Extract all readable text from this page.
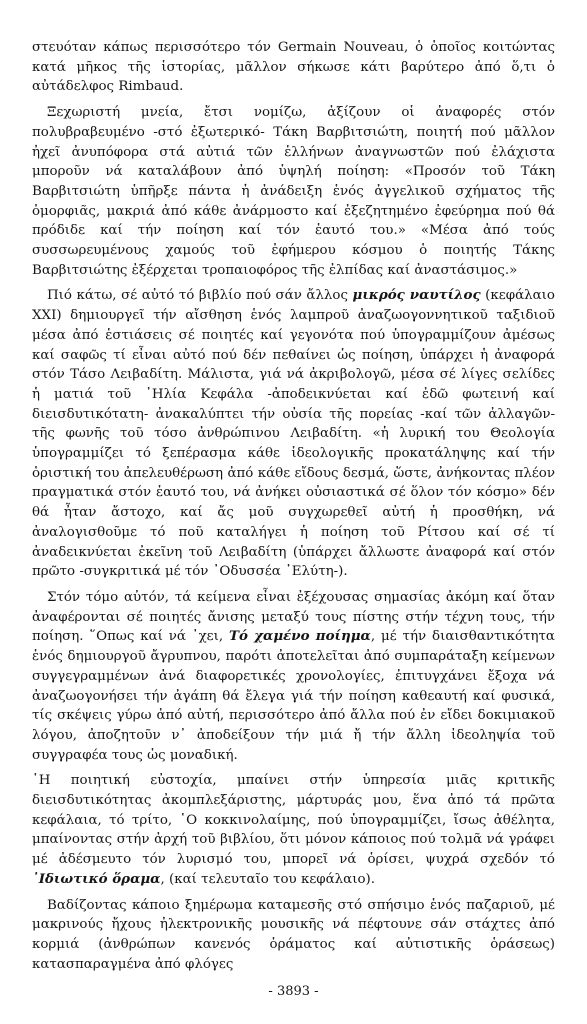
στευόταν κάπως περισσότερο τόν Germain Nouveau, ὁ ὁποῖος κοιτώντας κατά μῆκος τῆς ἱστορίας, μᾶλλον σήκωσε κάτι βαρύτερο ἀπό ὅ,τι ὁ αὐτάδελφος Rimbaud.

Ξεχωριστή μνεία, ἔτσι νομίζω, ἀξίζουν οἱ ἀναφορές στόν πολυβραβευμένο -στό ἐξωτερικό- Τάκη Βαρβιτσιώτη, ποιητή πού μᾶλλον ἠχεῖ ἀνυπόφορα στά αὐτιά τῶν ἑλλήνων ἀναγνωστῶν πού ἐλάχιστα μποροῦν νά καταλάβουν ἀπό ὑψηλή ποίηση: «Προσόν τοῦ Τάκη Βαρβιτσιώτη ὑπῆρξε πάντα ἡ ἀνάδειξη ἑνός ἀγγελικοῦ σχήματος τῆς ὀμορφιᾶς, μακριά ἀπό κάθε ἀνάρμοστο καί ἐξεζητημένο ἐφεύρημα πού θά πρόδιδε καί τήν ποίηση καί τόν ἑαυτό του.» «Μέσα ἀπό τούς συσσωρευμένους χαμούς τοῦ ἐφήμερου κόσμου ὁ ποιητής Τάκης Βαρβιτσιώτης ἐξέρχεται τροπαιοφόρος τῆς ἐλπίδας καί ἀναστάσιμος.»

Πιό κάτω, σέ αὐτό τό βιβλίο πού σάν ἄλλος μικρός ναυτίλος (κεφάλαιο XXI) δημιουργεῖ τήν αἴσθηση ἑνός λαμπροῦ ἀναζωογοννητικοῦ ταξιδιοῦ μέσα ἀπό ἑστιάσεις σέ ποιητές καί γεγονότα πού ὑπογραμμίζουν ἀμέσως καί σαφῶς τί εἶναι αὐτό πού δέν πεθαίνει ὡς ποίηση, ὑπάρχει ἡ ἀναφορά στόν Τάσο Λειβαδίτη. Μάλιστα, γιά νά ἀκριβολογῶ, μέσα σέ λίγες σελίδες ἡ ματιά τοῦ ᾽Ηλία Κεφάλα -ἀποδεικνύεται καί ἐδῶ φωτεινή καί διεισδυτικότατη- ἀνακαλύπτει τήν οὐσία τῆς πορείας -καί τῶν ἀλλαγῶν- τῆς φωνῆς τοῦ τόσο ἀνθρώπινου Λειβαδίτη. «ἡ λυρική του Θεολογία ὑπογραμμίζει τό ξεπέρασμα κάθε ἰδεολογικῆς προκατάληψης καί τήν ὁριστική του ἀπελευθέρωση ἀπό κάθε εἴδους δεσμά, ὥστε, ἀνήκοντας πλέον πραγματικά στόν ἑαυτό του, νά ἀνήκει οὐσιαστικά σέ ὅλον τόν κόσμο» δέν θά ἦταν ἄστοχο, καί ἄς μοῦ συγχωρεθεῖ αὐτή ἡ προσθήκη, νά ἀναλογισθοῦμε τό ποῦ καταλήγει ἡ ποίηση τοῦ Ρίτσου καί σέ τί ἀναδεικνύεται ἐκεῖνη τοῦ Λειβαδίτη (ὑπάρχει ἄλλωστε ἀναφορά καί στόν πρῶτο -συγκριτικά μέ τόν ᾽Οδυσσέα ᾽Ελύτη-).

Στόν τόμο αὐτόν, τά κείμενα εἶναι ἐξέχουσας σημασίας ἀκόμη καί ὅταν ἀναφέρονται σέ ποιητές ἄνισης μεταξύ τους πίστης στήν τέχνη τους, τήν ποίηση. ῞Οπως καί νά ᾽χει, Τό χαμένο ποίημα, μέ τήν διαισθαντικότητα ἑνός δημιουργοῦ ἄγρυπνου, παρότι ἀποτελεῖται ἀπό συμπαράταξη κείμενων συγγεγραμμένων ἀνά διαφορετικές χρονολογίες, ἐπιτυγχάνει ἔξοχα νά ἀναζωογονήσει τήν ἀγάπη θά ἔλεγα γιά τήν ποίηση καθεαυτή καί φυσικά, τίς σκέψεις γύρω ἀπό αὐτή, περισσότερο ἀπό ἄλλα πού ἐν εἴδει δοκιμιακοῦ λόγου, ἀποζητοῦν ν᾽ ἀποδείξουν τήν μιά ἤ τήν ἄλλη ἰδεοληψία τοῦ συγγραφέα τους ὡς μοναδική.

῾Η ποιητική εὐστοχία, μπαίνει στήν ὑπηρεσία μιᾶς κριτικῆς διεισδυτικότητας ἀκομπλεξάριστης, μάρτυράς μου, ἕνα ἀπό τά πρῶτα κεφάλαια, τό τρίτο, ῾Ο κοκκινολαίμης, πού ὑπογραμμίζει, ἴσως ἀθέλητα, μπαίνοντας στήν ἀρχή τοῦ βιβλίου, ὅτι μόνον κάποιος πού τολμᾶ νά γράφει μέ ἀδέσμευτο τόν λυρισμό του, μπορεῖ νά ὁρίσει, ψυχρά σχεδόν τό ᾽Ιδιωτικό ὅραμα, (καί τελευταῖο του κεφάλαιο).

Βαδίζοντας κάποιο ξημέρωμα καταμεσῆς στό σπήσιμο ἑνός παζαριοῦ, μέ μακρινούς ἤχους ἠλεκτρονικῆς μουσικῆς νά πέφτουνε σάν στάχτες ἀπό κορμιά (ἀνθρώπων κανενός ὁράματος καί αὐτιστικῆς ὁράσεως) κατασπαραγμένα ἀπό φλόγες

- 3893 -
